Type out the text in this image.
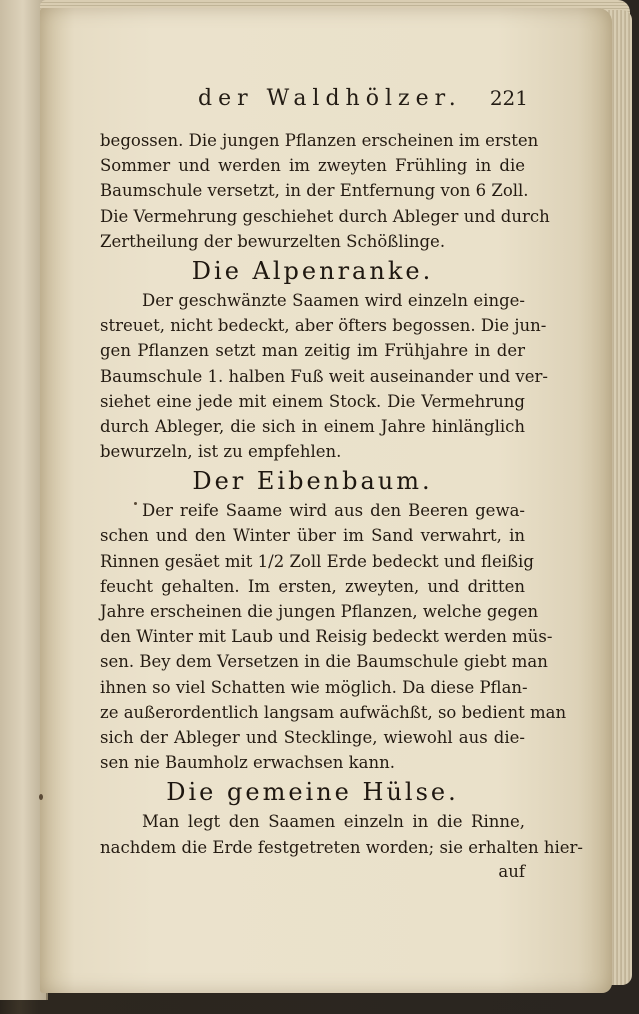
der Waldhölzer. 221
begossen. Die jungen Pflanzen erscheinen im ersten
Sommer und werden im zweyten Frühling in die
Baumschule versetzt, in der Entfernung von 6 Zoll.
Die Vermehrung geschiehet durch Ableger und durch
Zertheilung der bewurzelten Schößlinge.
Die Alpenranke.
Der geschwänzte Saamen wird einzeln einge-
streuet, nicht bedeckt, aber öfters begossen. Die jun-
gen Pflanzen setzt man zeitig im Frühjahre in der
Baumschule 1. halben Fuß weit auseinander und ver-
siehet eine jede mit einem Stock. Die Vermehrung
durch Ableger, die sich in einem Jahre hinlänglich
bewurzeln, ist zu empfehlen.
Der Eibenbaum.
Der reife Saame wird aus den Beeren gewa-
schen und den Winter über im Sand verwahrt, in
Rinnen gesäet mit 1/2 Zoll Erde bedeckt und fleißig
feucht gehalten. Im ersten, zweyten, und dritten
Jahre erscheinen die jungen Pflanzen, welche gegen
den Winter mit Laub und Reisig bedeckt werden müs-
sen. Bey dem Versetzen in die Baumschule giebt man
ihnen so viel Schatten wie möglich. Da diese Pflan-
ze außerordentlich langsam aufwächßt, so bedient man
sich der Ableger und Stecklinge, wiewohl aus die-
sen nie Baumholz erwachsen kann.
Die gemeine Hülse.
Man legt den Saamen einzeln in die Rinne,
nachdem die Erde festgetreten worden; sie erhalten hier-
auf
